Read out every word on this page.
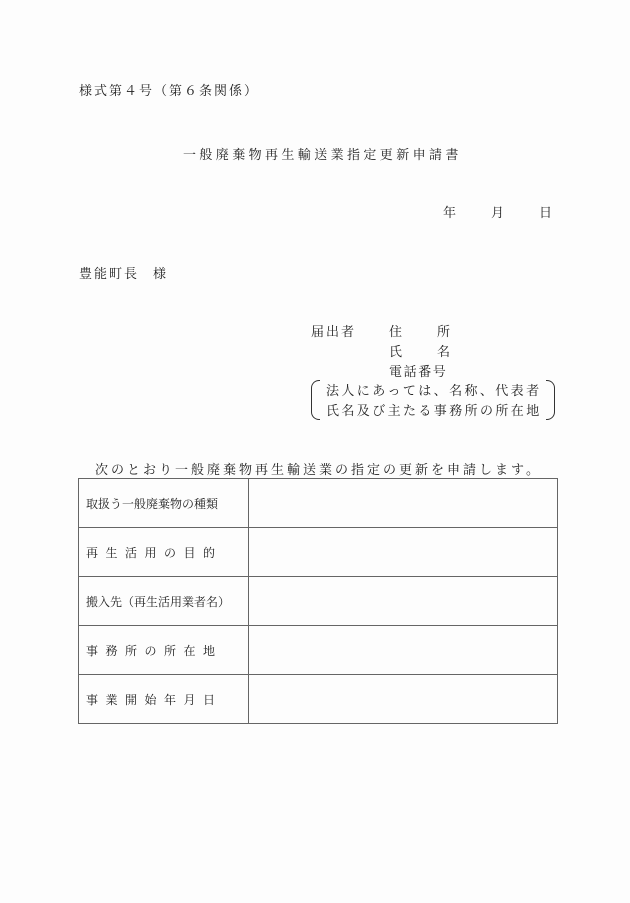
様式第４号（第６条関係）
一般廃棄物再生輸送業指定更新申請書
年	月	日
豊能町長 様
届出者	住	所
氏	名
電話番号
法人にあっては、名称、代表者
氏名及び主たる事務所の所在地
次のとおり一般廃棄物再生輸送業の指定の更新を申請します。
取扱う一般廃棄物の種類	
再生活用の目的	
搬入先（再生活用業者名）	
事務所の所在地	
事業開始年月日	
